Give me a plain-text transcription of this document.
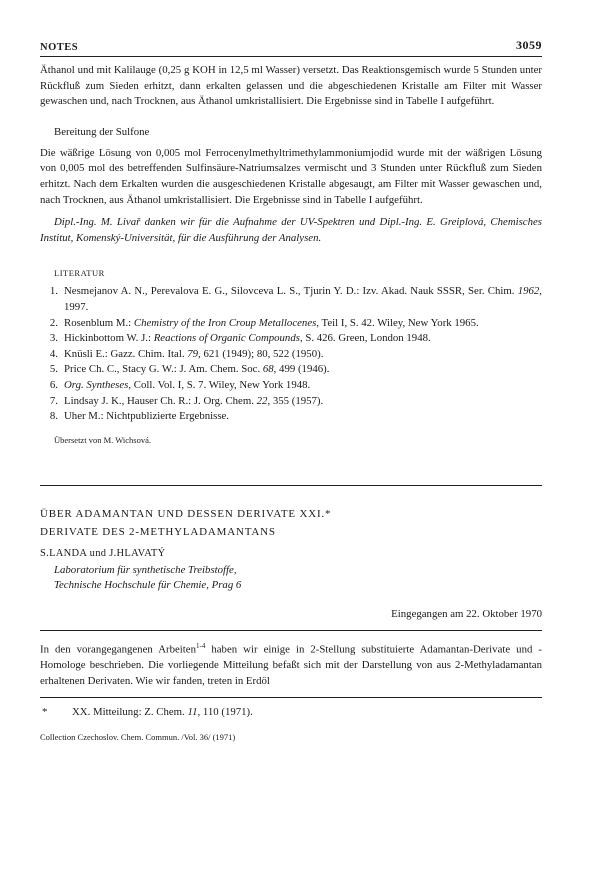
NOTES	3059

Äthanol und mit Kalilauge (0,25 g KOH in 12,5 ml Wasser) versetzt. Das Reaktionsgemisch wurde 5 Stunden unter Rückfluß zum Sieden erhitzt, dann erkalten gelassen und die abgeschiedenen Kristalle am Filter mit Wasser gewaschen und, nach Trocknen, aus Äthanol umkristallisiert. Die Ergebnisse sind in Tabelle I aufgeführt.

Bereitung der Sulfone

Die wäßrige Lösung von 0,005 mol Ferrocenylmethyltrimethylammoniumjodid wurde mit der wäßrigen Lösung von 0,005 mol des betreffenden Sulfinsäure-Natriumsalzes vermischt und 3 Stunden unter Rückfluß zum Sieden erhitzt. Nach dem Erkalten wurden die ausgeschiedenen Kristalle abgesaugt, am Filter mit Wasser gewaschen und, nach Trocknen, aus Äthanol umkristallisiert. Die Ergebnisse sind in Tabelle I aufgeführt.

Dipl.-Ing. M. Livař danken wir für die Aufnahme der UV-Spektren und Dipl.-Ing. E. Greiplová, Chemisches Institut, Komenský-Universität, für die Ausführung der Analysen.

LITERATUR

1. Nesmejanov A. N., Perevalova E. G., Silovceva L. S., Tjurin Y. D.: Izv. Akad. Nauk SSSR, Ser. Chim. 1962, 1997.
2. Rosenblum M.: Chemistry of the Iron Croup Metallocenes, Teil I, S. 42. Wiley, New York 1965.
3. Hickinbottom W. J.: Reactions of Organic Compounds, S. 426. Green, London 1948.
4. Knüsli E.: Gazz. Chim. Ital. 79, 621 (1949); 80, 522 (1950).
5. Price Ch. C., Stacy G. W.: J. Am. Chem. Soc. 68, 499 (1946).
6. Org. Syntheses, Coll. Vol. I, S. 7. Wiley, New York 1948.
7. Lindsay J. K., Hauser Ch. R.: J. Org. Chem. 22, 355 (1957).
8. Uher M.: Nichtpublizierte Ergebnisse.

Übersetzt von M. Wichsová.

ÜBER ADAMANTAN UND DESSEN DERIVATE XXI.*

DERIVATE DES 2-METHYLADAMANTANS

S.LANDA und J.HLAVATÝ

Laboratorium für synthetische Treibstoffe,

Technische Hochschule für Chemie, Prag 6

Eingegangen am 22. Oktober 1970

In den vorangegangenen Arbeiten$^{1-4}$ haben wir einige in 2-Stellung substituierte Adamantan-Derivate und -Homologe beschrieben. Die vorliegende Mitteilung befaßt sich mit der Darstellung von aus 2-Methyladamantan erhaltenen Derivaten. Wie wir fanden, treten in Erdöl

*	XX. Mitteilung: Z. Chem. 11, 110 (1971).

Collection Czechoslov. Chem. Commun. /Vol. 36/ (1971)
